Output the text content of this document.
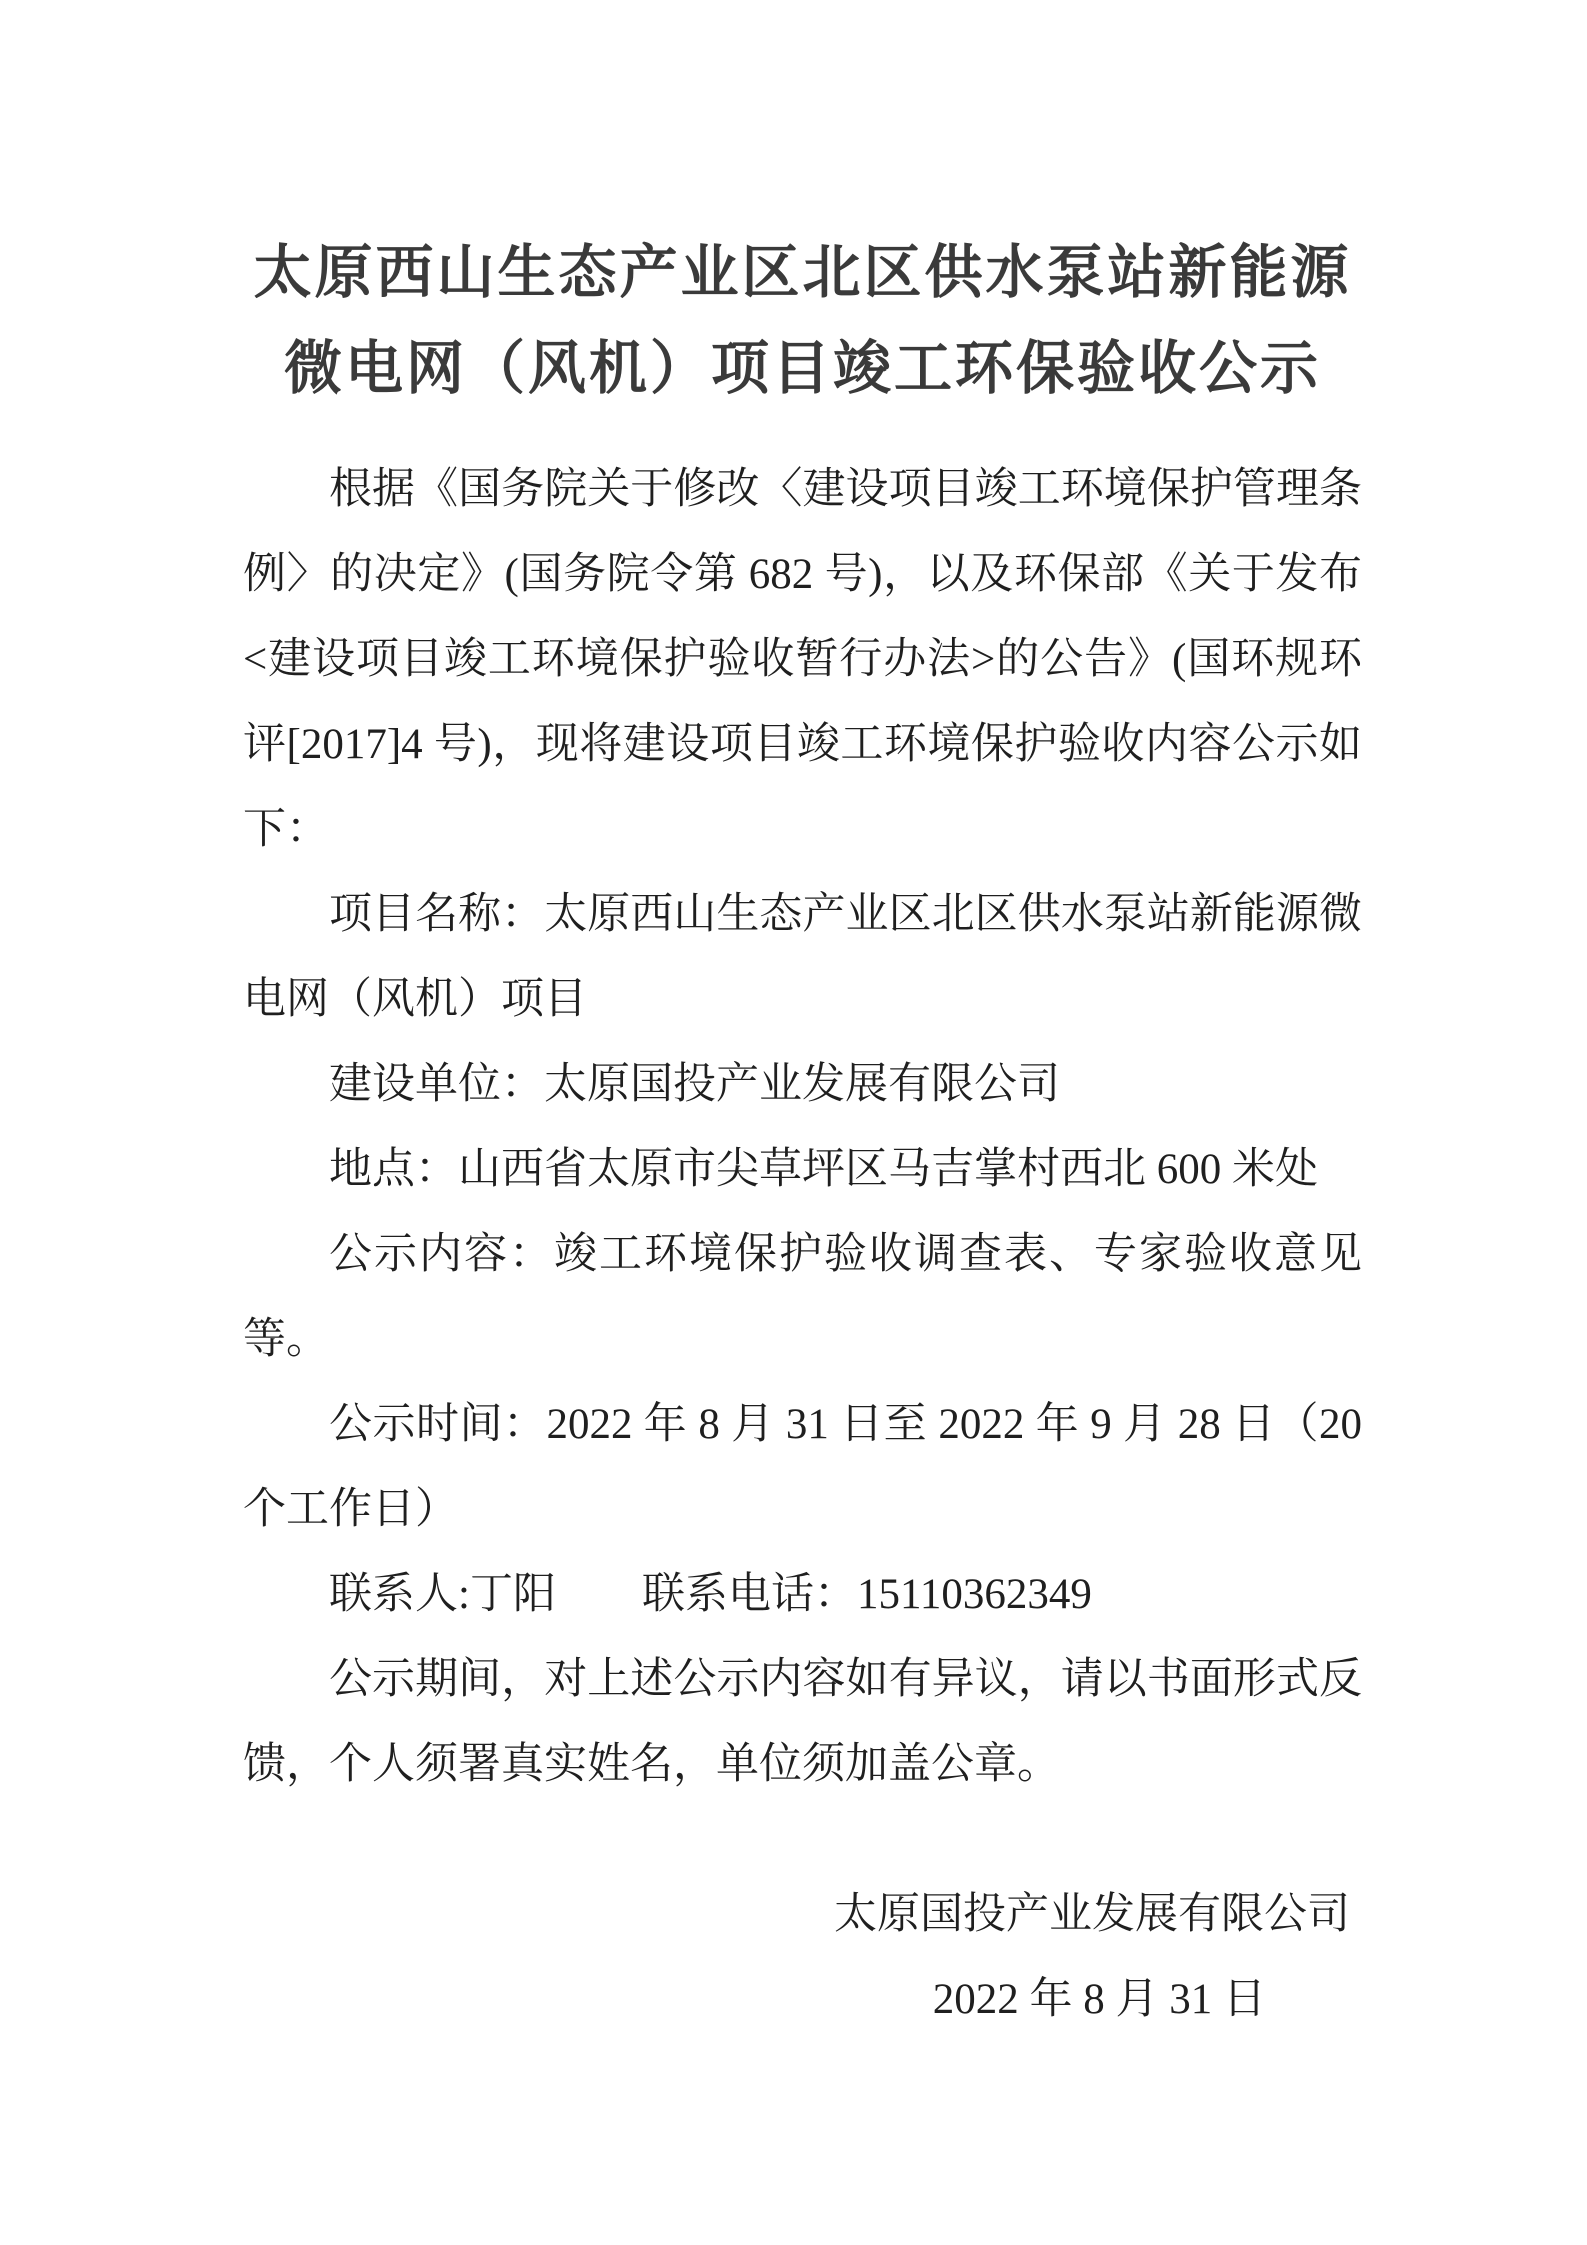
太原西山生态产业区北区供水泵站新能源
微电网（风机）项目竣工环保验收公示

根据《国务院关于修改〈建设项目竣工环境保护管理条例〉的决定》(国务院令第 682 号)，以及环保部《关于发布<建设项目竣工环境保护验收暂行办法>的公告》(国环规环评[2017]4 号)，现将建设项目竣工环境保护验收内容公示如下：

项目名称：太原西山生态产业区北区供水泵站新能源微电网（风机）项目

建设单位：太原国投产业发展有限公司

地点：山西省太原市尖草坪区马吉掌村西北 600 米处

公示内容：竣工环境保护验收调查表、专家验收意见等。

公示时间：2022 年 8 月 31 日至 2022 年 9 月 28 日（20 个工作日）

联系人:丁阳　　联系电话：15110362349

公示期间，对上述公示内容如有异议，请以书面形式反馈，个人须署真实姓名，单位须加盖公章。

太原国投产业发展有限公司
2022 年 8 月 31 日
